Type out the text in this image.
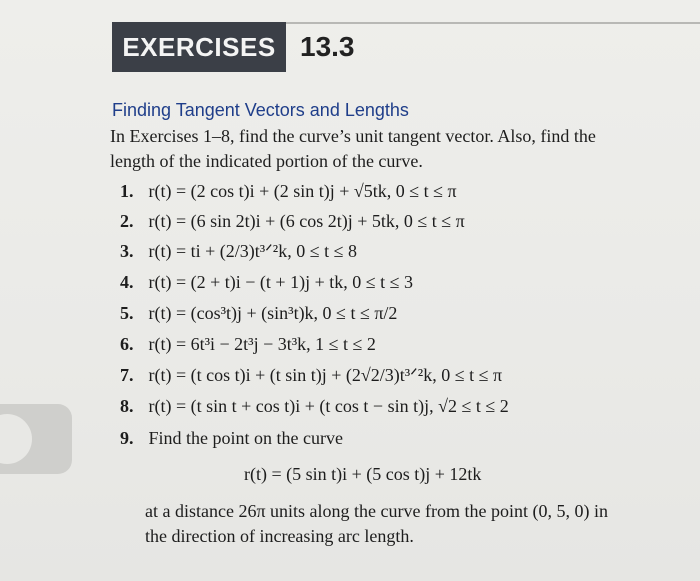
EXERCISES 13.3
Finding Tangent Vectors and Lengths
In Exercises 1–8, find the curve’s unit tangent vector. Also, find the
length of the indicated portion of the curve.
1. r(t) = (2 cos t)i + (2 sin t)j + √5tk, 0 ≤ t ≤ π
2. r(t) = (6 sin 2t)i + (6 cos 2t)j + 5tk, 0 ≤ t ≤ π
3. r(t) = ti + (2/3)t³ᐟ²k, 0 ≤ t ≤ 8
4. r(t) = (2 + t)i − (t + 1)j + tk, 0 ≤ t ≤ 3
5. r(t) = (cos³t)j + (sin³t)k, 0 ≤ t ≤ π/2
6. r(t) = 6t³i − 2t³j − 3t³k, 1 ≤ t ≤ 2
7. r(t) = (t cos t)i + (t sin t)j + (2√2/3)t³ᐟ²k, 0 ≤ t ≤ π
8. r(t) = (t sin t + cos t)i + (t cos t − sin t)j, √2 ≤ t ≤ 2
9. Find the point on the curve
r(t) = (5 sin t)i + (5 cos t)j + 12tk
at a distance 26π units along the curve from the point (0, 5, 0) in
the direction of increasing arc length.
